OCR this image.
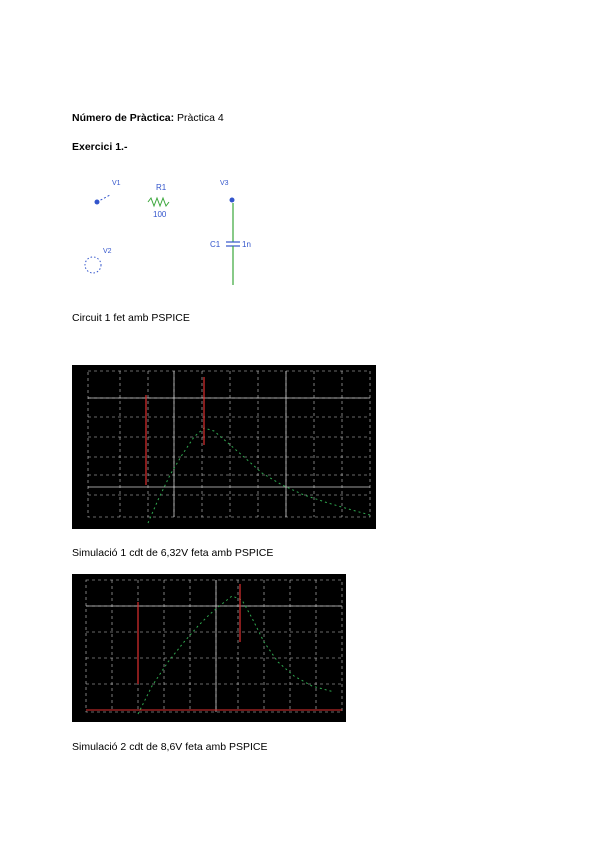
Número de Pràctica: Pràctica 4
Exercici 1.-
V1	R1
100
V3
C1	1n
V2
Circuit 1 fet amb PSPICE
Simulació 1 cdt de 6,32V feta amb PSPICE
Simulació 2 cdt de 8,6V feta amb PSPICE
